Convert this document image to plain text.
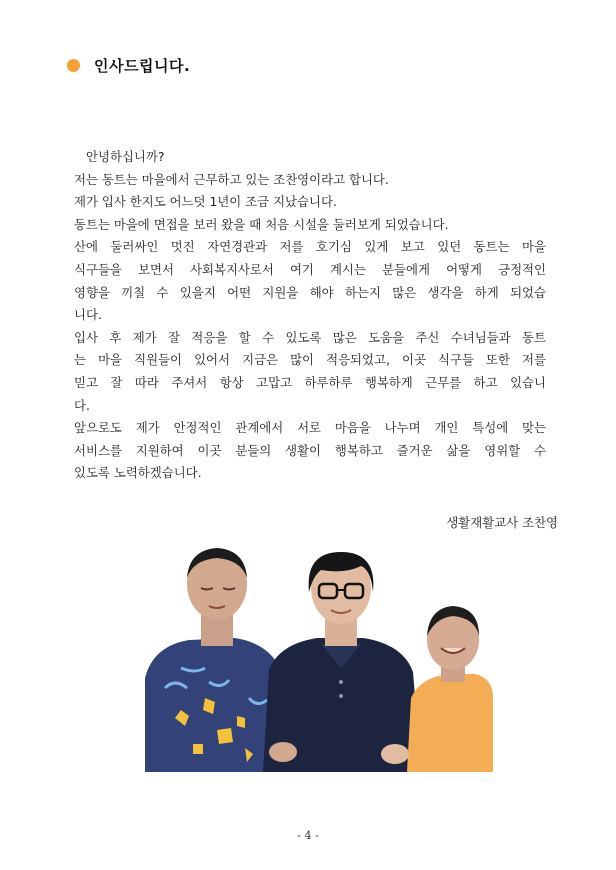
인사드립니다.
안녕하십니까?
저는 동트는 마을에서 근무하고 있는 조찬영이라고 합니다.
제가 입사 한지도 어느덧 1년이 조금 지났습니다.
동트는 마을에 면접을 보러 왔을 때 처음 시설을 둘러보게 되었습니다.
산에 둘러싸인 멋진 자연경관과 저를 호기심 있게 보고 있던 동트는 마을
식구들을 보면서 사회복지사로서 여기 계시는 분들에게 어떻게 긍정적인
영향을 끼칠 수 있을지 어떤 지원을 해야 하는지 많은 생각을 하게 되었습
니다.
입사 후 제가 잘 적응을 할 수 있도록 많은 도움을 주신 수녀님들과 동트
는 마을 직원들이 있어서 지금은 많이 적응되었고, 이곳 식구들 또한 저를
믿고 잘 따라 주셔서 항상 고맙고 하루하루 행복하게 근무를 하고 있습니
다.
앞으로도 제가 안정적인 관계에서 서로 마음을 나누며 개인 특성에 맞는
서비스를 지원하여 이곳 분들의 생활이 행복하고 즐거운 삶을 영위할 수
있도록 노력하겠습니다.
생활재활교사 조찬영
- 4 -
